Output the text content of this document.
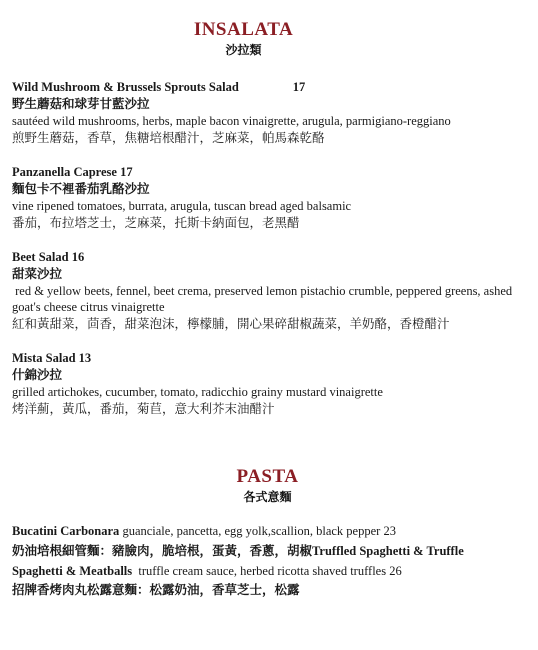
INSALATA
沙拉類
Wild Mushroom & Brussels Sprouts Salad	17
野生蘑菇和球芽甘藍沙拉
sautéed wild mushrooms, herbs, maple bacon vinaigrette, arugula, parmigiano-reggiano
煎野生蘑菇，香草，焦糖培根醋汁，芝麻菜，帕馬森乾酪
Panzanella Caprese 17
麵包卡不裡番茄乳酪沙拉
vine ripened tomatoes, burrata, arugula, tuscan bread aged balsamic
番茄，布拉塔芝士，芝麻菜，托斯卡納面包，老黑醋
Beet Salad 16
甜菜沙拉
red & yellow beets, fennel, beet crema, preserved lemon pistachio crumble, peppered greens, ashed goat's cheese citrus vinaigrette
紅和黃甜菜，茴香，甜菜泡沫，檸檬脯，開心果碎甜椒蔬菜，羊奶酪，香橙醋汁
Mista Salad 13
什錦沙拉
grilled artichokes, cucumber, tomato, radicchio grainy mustard vinaigrette
烤洋薊，黃瓜，番茄，菊苣，意大利芥末油醋汁
PASTA
各式意麵
Bucatini Carbonara guanciale, pancetta, egg yolk,scallion, black pepper 23
奶油培根細管麵：豬臉肉，脆培根，蛋黃，香蔥，胡椒Truffled Spaghetti & Truffle
Spaghetti & Meatballs  truffle cream sauce, herbed ricotta shaved truffles 26
招牌香烤肉丸松露意麵：松露奶油，香草芝士，松露
